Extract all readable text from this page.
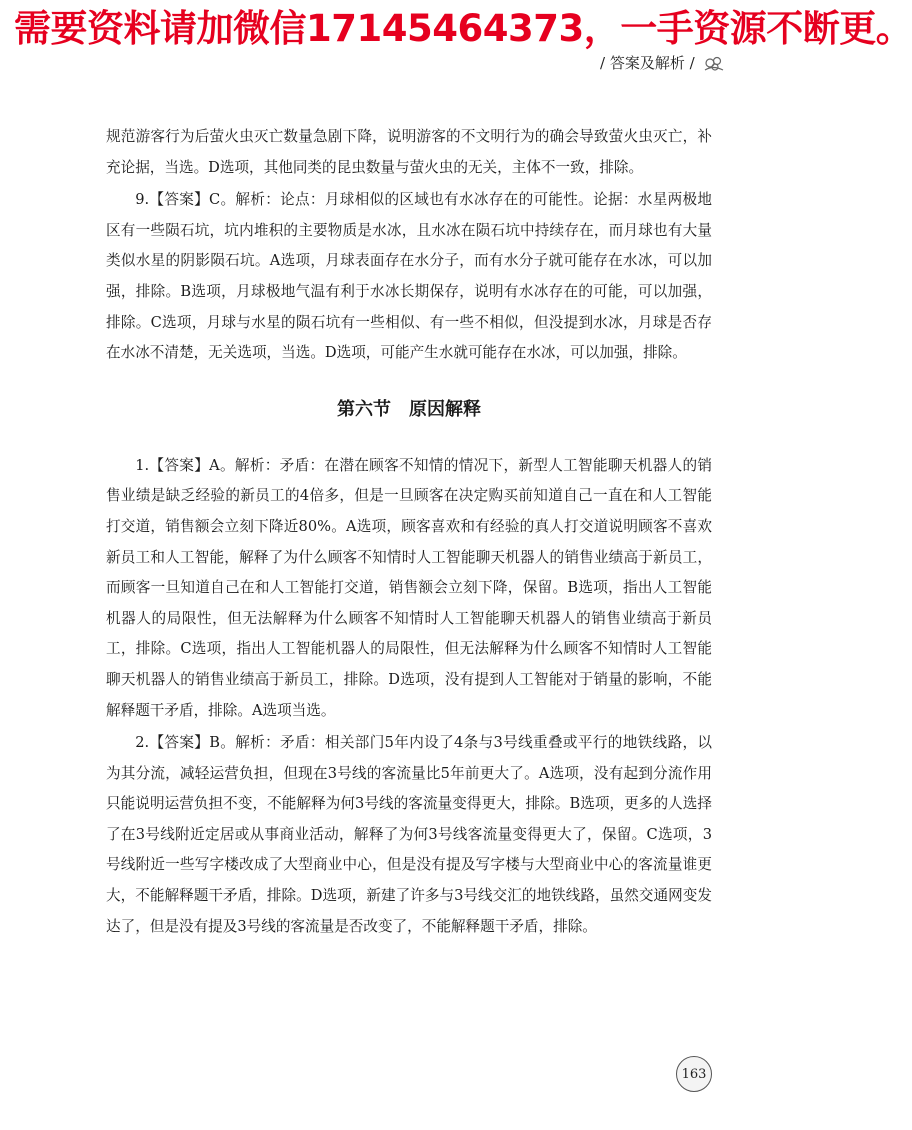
需要资料请加微信17145464373，一手资源不断更。
/ 答案及解析 /

规范游客行为后萤火虫灭亡数量急剧下降，说明游客的不文明行为的确会导致萤火虫灭亡，补充论据，当选。D选项，其他同类的昆虫数量与萤火虫的无关，主体不一致，排除。

9.【答案】C。解析：论点：月球相似的区域也有水冰存在的可能性。论据：水星两极地区有一些陨石坑，坑内堆积的主要物质是水冰，且水冰在陨石坑中持续存在，而月球也有大量类似水星的阴影陨石坑。A选项，月球表面存在水分子，而有水分子就可能存在水冰，可以加强，排除。B选项，月球极地气温有利于水冰长期保存，说明有水冰存在的可能，可以加强，排除。C选项，月球与水星的陨石坑有一些相似、有一些不相似，但没提到水冰，月球是否存在水冰不清楚，无关选项，当选。D选项，可能产生水就可能存在水冰，可以加强，排除。

第六节　原因解释

1.【答案】A。解析：矛盾：在潜在顾客不知情的情况下，新型人工智能聊天机器人的销售业绩是缺乏经验的新员工的4倍多，但是一旦顾客在决定购买前知道自己一直在和人工智能打交道，销售额会立刻下降近80%。A选项，顾客喜欢和有经验的真人打交道说明顾客不喜欢新员工和人工智能，解释了为什么顾客不知情时人工智能聊天机器人的销售业绩高于新员工，而顾客一旦知道自己在和人工智能打交道，销售额会立刻下降，保留。B选项，指出人工智能机器人的局限性，但无法解释为什么顾客不知情时人工智能聊天机器人的销售业绩高于新员工，排除。C选项，指出人工智能机器人的局限性，但无法解释为什么顾客不知情时人工智能聊天机器人的销售业绩高于新员工，排除。D选项，没有提到人工智能对于销量的影响，不能解释题干矛盾，排除。A选项当选。

2.【答案】B。解析：矛盾：相关部门5年内设了4条与3号线重叠或平行的地铁线路，以为其分流，减轻运营负担，但现在3号线的客流量比5年前更大了。A选项，没有起到分流作用只能说明运营负担不变，不能解释为何3号线的客流量变得更大，排除。B选项，更多的人选择了在3号线附近定居或从事商业活动，解释了为何3号线客流量变得更大了，保留。C选项，3号线附近一些写字楼改成了大型商业中心，但是没有提及写字楼与大型商业中心的客流量谁更大，不能解释题干矛盾，排除。D选项，新建了许多与3号线交汇的地铁线路，虽然交通网变发达了，但是没有提及3号线的客流量是否改变了，不能解释题干矛盾，排除。

163
